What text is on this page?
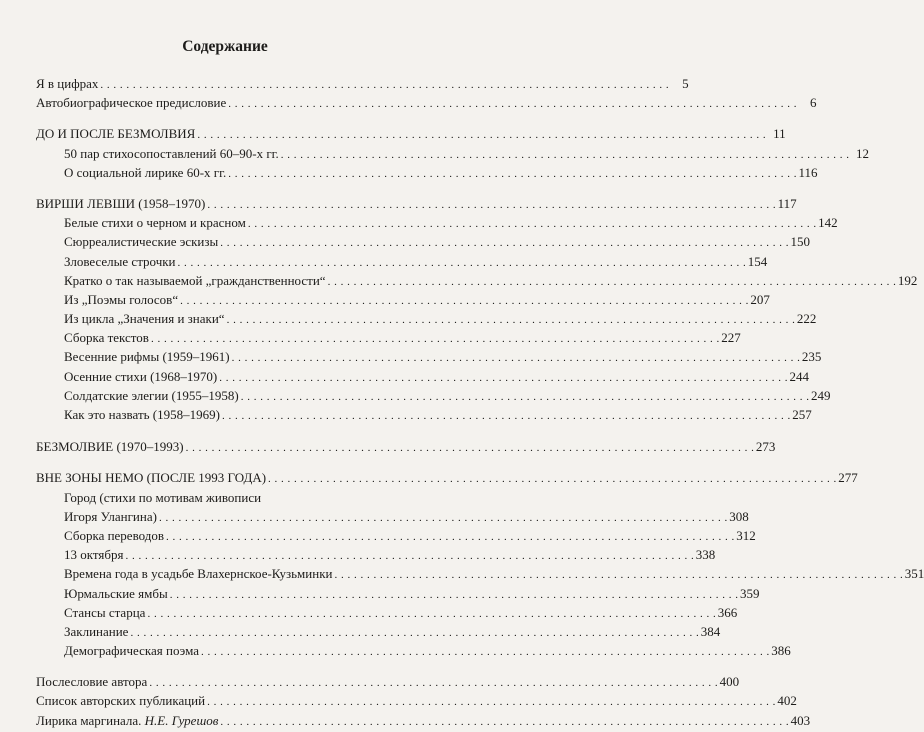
Содержание
Я в цифрах . . .	5
Автобиографическое предисловие . . .	6
ДО И ПОСЛЕ БЕЗМОЛВИЯ . . .	11
50 пар стихосопоставлений 60–90-х гг. . . .	12
О социальной лирике 60-х гг. . . .	116
ВИРШИ ЛЕВШИ (1958–1970) . . .	117
Белые стихи о черном и красном . . .	142
Сюрреалистические эскизы . . .	150
Зловеселые строчки . . .	154
Кратко о так называемой „гражданственности“ . . .	192
Из „Поэмы голосов“ . . .	207
Из цикла „Значения и знаки“ . . .	222
Сборка текстов . . .	227
Весенние рифмы (1959–1961) . . .	235
Осенние стихи (1968–1970) . . .	244
Солдатские элегии (1955–1958) . . .	249
Как это назвать (1958–1969) . . .	257
БЕЗМОЛВИЕ (1970–1993) . . .	273
ВНЕ ЗОНЫ НЕМО (ПОСЛЕ 1993 ГОДА) . . .	277
Город (стихи по мотивам живописи
Игоря Улангина) . . .	308
Сборка переводов . . .	312
13 октября . . .	338
Времена года в усадьбе Влахернское-Кузьминки . . .	351
Юрмальские ямбы . . .	359
Стансы старца . . .	366
Заклинание . . .	384
Демографическая поэма . . .	386
Послесловие автора . . .	400
Список авторских публикаций . . .	402
Лирика маргинала. Н.Е. Гурешов . . .	403
